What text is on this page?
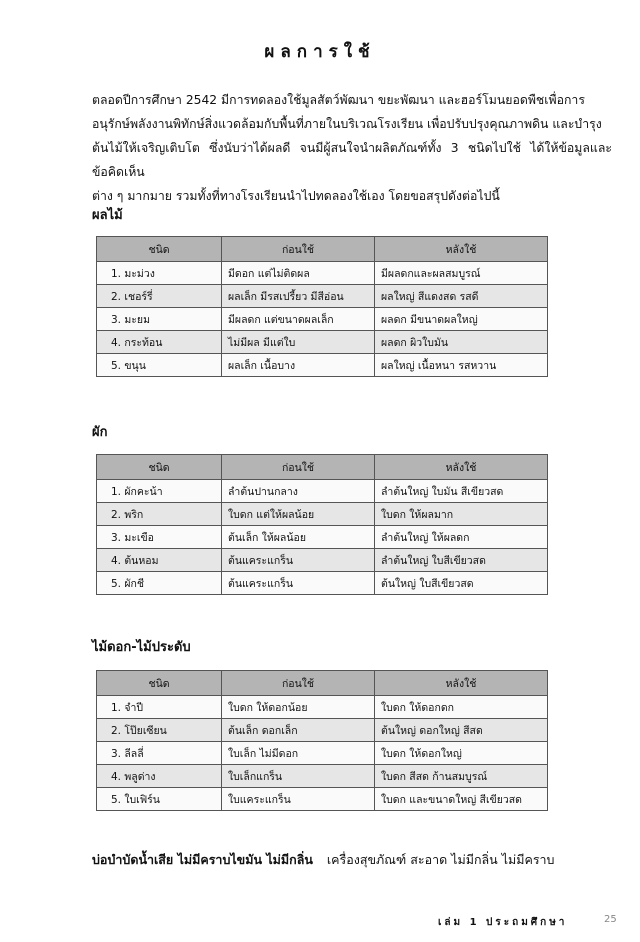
ผลการใช้
ตลอดปีการศึกษา 2542 มีการทดลองใช้มูลสัตว์พัฒนา ขยะพัฒนา และฮอร์โมนยอดพืชเพื่อการ
อนุรักษ์พลังงานพิทักษ์สิ่งแวดล้อมกับพื้นที่ภายในบริเวณโรงเรียน เพื่อปรับปรุงคุณภาพดิน และบำรุง
ต้นไม้ให้เจริญเติบโต ซึ่งนับว่าได้ผลดี จนมีผู้สนใจนำผลิตภัณฑ์ทั้ง 3 ชนิดไปใช้ ได้ให้ข้อมูลและข้อคิดเห็น
ต่าง ๆ มากมาย รวมทั้งที่ทางโรงเรียนนำไปทดลองใช้เอง โดยขอสรุปดังต่อไปนี้
ผลไม้
ชนิด	ก่อนใช้	หลังใช้
1. มะม่วง	มีดอก แต่ไม่ติดผล	มีผลดกและผลสมบูรณ์
2. เชอร์รี่	ผลเล็ก มีรสเปรี้ยว มีสีอ่อน	ผลใหญ่ สีแดงสด รสดี
3. มะยม	มีผลดก แต่ขนาดผลเล็ก	ผลดก มีขนาดผลใหญ่
4. กระท้อน	ไม่มีผล มีแต่ใบ	ผลดก ผิวใบมัน
5. ขนุน	ผลเล็ก เนื้อบาง	ผลใหญ่ เนื้อหนา รสหวาน
ผัก
ชนิด	ก่อนใช้	หลังใช้
1. ผักคะน้า	ลำต้นปานกลาง	ลำต้นใหญ่ ใบมัน สีเขียวสด
2. พริก	ใบดก แต่ให้ผลน้อย	ใบดก ให้ผลมาก
3. มะเขือ	ต้นเล็ก ให้ผลน้อย	ลำต้นใหญ่ ให้ผลดก
4. ต้นหอม	ต้นแคระแกร็น	ลำต้นใหญ่ ใบสีเขียวสด
5. ผักชี	ต้นแคระแกร็น	ต้นใหญ่ ใบสีเขียวสด
ไม้ดอก-ไม้ประดับ
ชนิด	ก่อนใช้	หลังใช้
1. จำปี	ใบดก ให้ดอกน้อย	ใบดก ให้ดอกดก
2. โป๊ยเซียน	ต้นเล็ก ดอกเล็ก	ต้นใหญ่ ดอกใหญ่ สีสด
3. ลีลลี่	ใบเล็ก ไม่มีดอก	ใบดก ให้ดอกใหญ่
4. พลูด่าง	ใบเล็กแกร็น	ใบดก สีสด ก้านสมบูรณ์
5. ใบเฟิร์น	ใบแคระแกร็น	ใบดก และขนาดใหญ่ สีเขียวสด
บ่อบำบัดน้ำเสีย ไม่มีคราบไขมัน ไม่มีกลิ่น เครื่องสุขภัณฑ์ สะอาด ไม่มีกลิ่น ไม่มีคราบ
เล่ม 1 ประถมศึกษา	25
